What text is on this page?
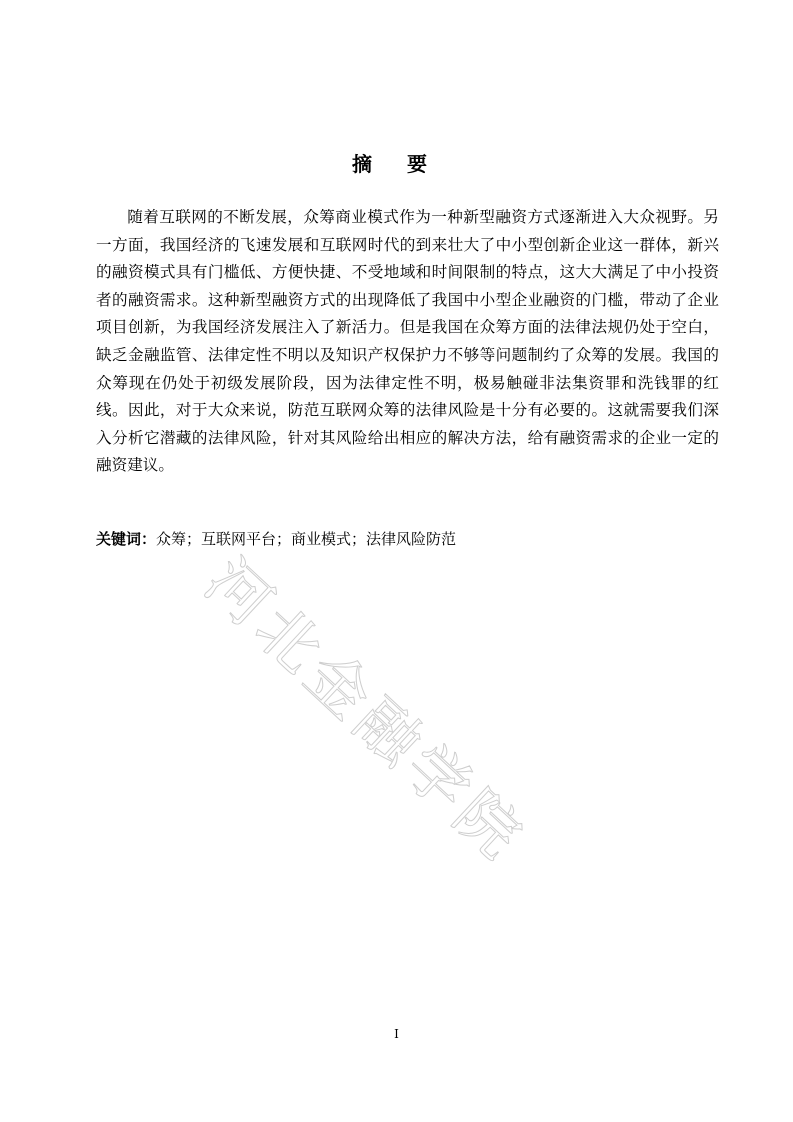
摘 要

随着互联网的不断发展，众筹商业模式作为一种新型融资方式逐渐进入大众视野。另一方面，我国经济的飞速发展和互联网时代的到来壮大了中小型创新企业这一群体，新兴的融资模式具有门槛低、方便快捷、不受地域和时间限制的特点，这大大满足了中小投资者的融资需求。这种新型融资方式的出现降低了我国中小型企业融资的门槛，带动了企业项目创新，为我国经济发展注入了新活力。但是我国在众筹方面的法律法规仍处于空白，缺乏金融监管、法律定性不明以及知识产权保护力不够等问题制约了众筹的发展。我国的众筹现在仍处于初级发展阶段，因为法律定性不明，极易触碰非法集资罪和洗钱罪的红线。因此，对于大众来说，防范互联网众筹的法律风险是十分有必要的。这就需要我们深入分析它潜藏的法律风险，针对其风险给出相应的解决方法，给有融资需求的企业一定的融资建议。

关键词：众筹；互联网平台；商业模式；法律风险防范
河北金融学院
I
